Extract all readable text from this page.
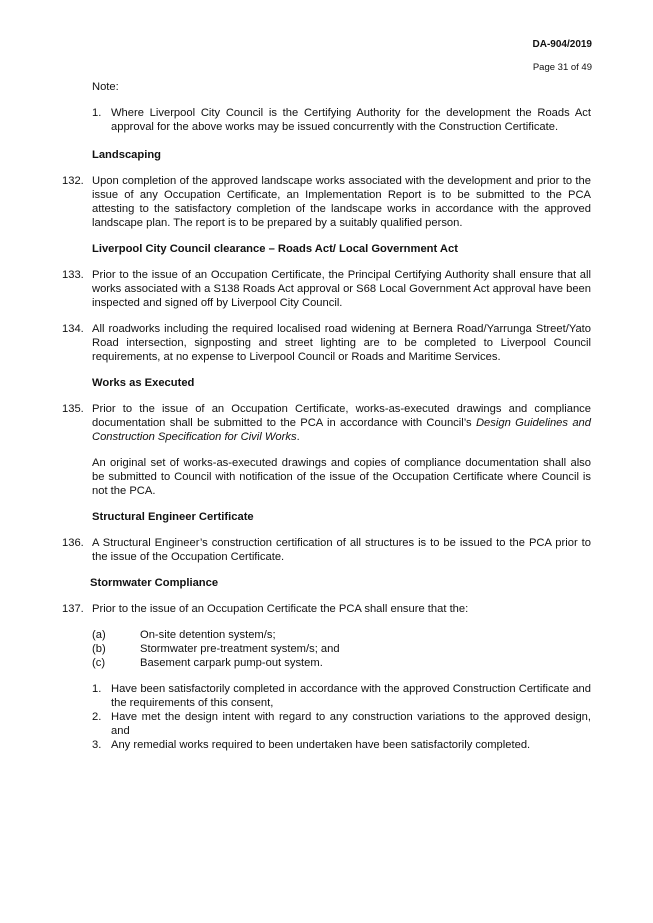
DA-904/2019
Page 31 of 49
Note:
1. Where Liverpool City Council is the Certifying Authority for the development the Roads Act approval for the above works may be issued concurrently with the Construction Certificate.
Landscaping
132. Upon completion of the approved landscape works associated with the development and prior to the issue of any Occupation Certificate, an Implementation Report is to be submitted to the PCA attesting to the satisfactory completion of the landscape works in accordance with the approved landscape plan. The report is to be prepared by a suitably qualified person.
Liverpool City Council clearance – Roads Act/ Local Government Act
133. Prior to the issue of an Occupation Certificate, the Principal Certifying Authority shall ensure that all works associated with a S138 Roads Act approval or S68 Local Government Act approval have been inspected and signed off by Liverpool City Council.
134. All roadworks including the required localised road widening at Bernera Road/Yarrunga Street/Yato Road intersection, signposting and street lighting are to be completed to Liverpool Council requirements, at no expense to Liverpool Council or Roads and Maritime Services.
Works as Executed
135. Prior to the issue of an Occupation Certificate, works-as-executed drawings and compliance documentation shall be submitted to the PCA in accordance with Council’s Design Guidelines and Construction Specification for Civil Works.

An original set of works-as-executed drawings and copies of compliance documentation shall also be submitted to Council with notification of the issue of the Occupation Certificate where Council is not the PCA.

Structural Engineer Certificate
136. A Structural Engineer’s construction certification of all structures is to be issued to the PCA prior to the issue of the Occupation Certificate.
Stormwater Compliance
137. Prior to the issue of an Occupation Certificate the PCA shall ensure that the:
(a)	On-site detention system/s;
(b)	Stormwater pre-treatment system/s; and
(c)	Basement carpark pump-out system.
1. Have been satisfactorily completed in accordance with the approved Construction Certificate and the requirements of this consent,
2. Have met the design intent with regard to any construction variations to the approved design, and
3. Any remedial works required to been undertaken have been satisfactorily completed.
